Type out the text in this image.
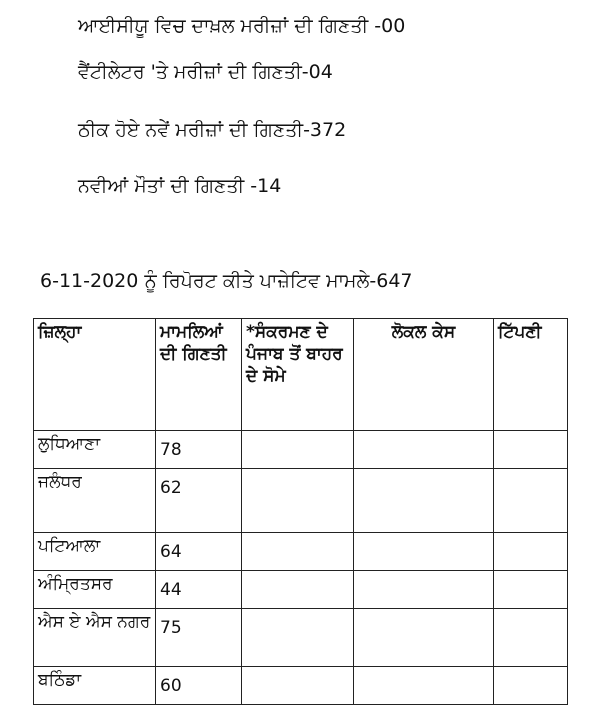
ਆਈਸੀਯੂ ਵਿਚ ਦਾਖ਼ਲ ਮਰੀਜ਼ਾਂ ਦੀ ਗਿਣਤੀ -00
ਵੈਂਟੀਲੇਟਰ 'ਤੇ ਮਰੀਜ਼ਾਂ ਦੀ ਗਿਣਤੀ-04
ਠੀਕ ਹੋਏ ਨਵੇਂ ਮਰੀਜ਼ਾਂ ਦੀ ਗਿਣਤੀ-372
ਨਵੀਆਂ ਮੌਤਾਂ ਦੀ ਗਿਣਤੀ -14
6-11-2020 ਨੂੰ ਰਿਪੋਰਟ ਕੀਤੇ ਪਾਜ਼ੇਟਿਵ ਮਾਮਲੇ-647
ਜ਼ਿਲ੍ਹਾ	ਮਾਮਲਿਆਂ ਦੀ ਗਿਣਤੀ	*ਸੰਕਰਮਣ ਦੇ ਪੰਜਾਬ ਤੋਂ ਬਾਹਰ ਦੇ ਸੋਮੇ	ਲੋਕਲ ਕੇਸ	ਟਿੱਪਣੀ
ਲੁਧਿਆਣਾ	78			
ਜਲੰਧਰ	62			
ਪਟਿਆਲਾ	64			
ਅੰਮ੍ਰਿਤਸਰ	44			
ਐਸ ਏ ਐਸ ਨਗਰ	75			
ਬਠਿੰਡਾ	60			
